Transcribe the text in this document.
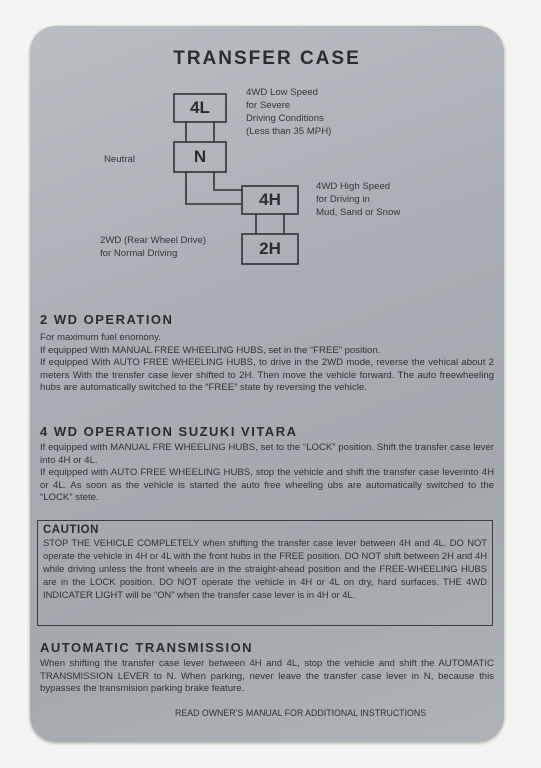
TRANSFER CASE
4L
N
4H
2H
4WD Low Speed
for Severe
Driving Conditions
(Less than 35 MPH)
Neutral
4WD High Speed
for Driving in
Mud, Sand or Snow
2WD (Rear Wheel Drive)
for Normal Driving
2 WD OPERATION

For maximum fuel enomony.

If equipped With MANUAL FREE WHEELING HUBS, set in the “FREE” position.

If equipped With AUTO FREE WHEELING HUBS, to drive in the 2WD mode, reverse the vehical about 2 meters With the trensfer case lever shifted to 2H. Then move the vehicle forward. The auto freewheeling hubs are automatically switched to the “FREE” state by reversing the vehicle.

4 WD OPERATION SUZUKI VITARA

If equipped with MANUAL FRE WHEELING HUBS, set to the “LOCK” position. Shift the transfer case lever into 4H or 4L.

If equipped with AUTO FREE WHEELING HUBS, stop the vehicle and shift the transfer case leverinto 4H or 4L. As soon as the vehicle is started the auto free wheeling ubs are automatically switched to the “LOCK” stete.

CAUTION
STOP THE VEHICLE COMPLETELY when shifting the transfer case lever between 4H and 4L. DO NOT operate the vehicle in 4H or 4L with the front hubs in the FREE position. DO NOT shift between 2H and 4H while driving unless the front wheels are in the straight-ahead position and the FREE-WHEELING HUBS are in the LOCK position. DO NOT operate the vehicle in 4H or 4L on dry, hard surfaces. THE 4WD INDICATER LIGHT will be “ON” when the transfer case lever is in 4H or 4L.
AUTOMATIC TRANSMISSION
When shifting the transfer case lever between 4H and 4L, stop the vehicle and shift the AUTOMATIC TRANSMISSION LEVER to N. When parking, never leave the transfer case lever in N, because this bypasses the transmision parking brake feature.
READ OWNER’S MANUAL FOR ADDITIONAL INSTRUCTIONS
